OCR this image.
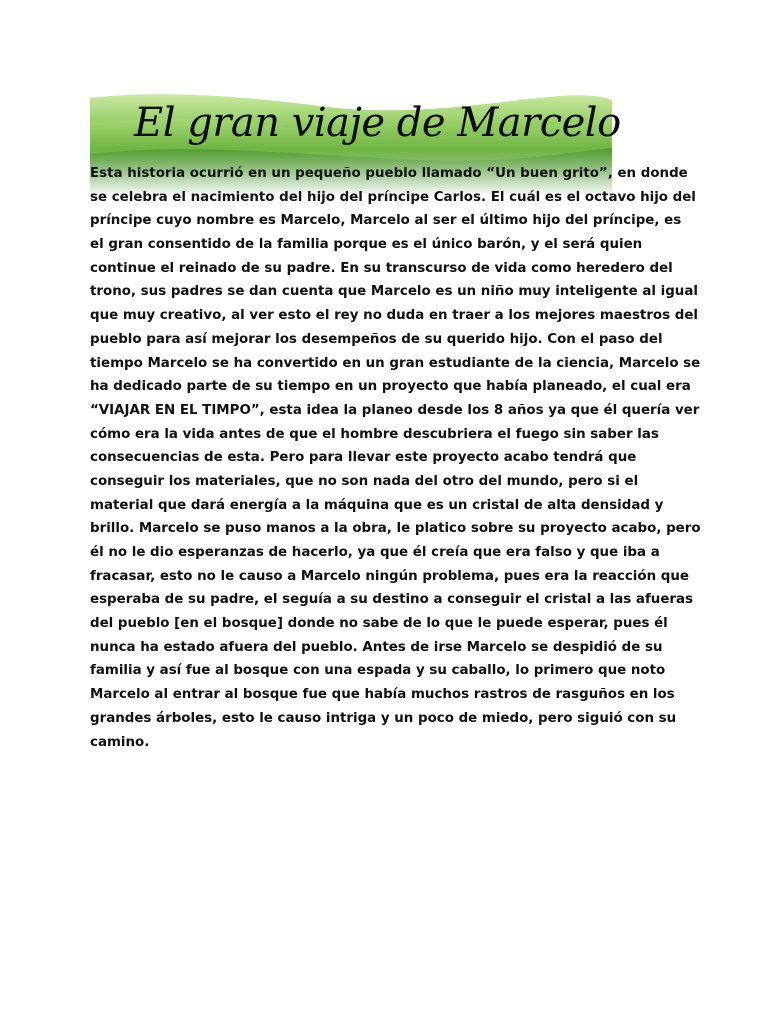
El gran viaje de Marcelo
Esta historia ocurrió en un pequeño pueblo llamado “Un buen grito”, en donde
se celebra el nacimiento del hijo del príncipe Carlos. El cuál es el octavo hijo del
príncipe cuyo nombre es Marcelo, Marcelo al ser el último hijo del príncipe, es
el gran consentido de la familia porque es el único barón, y el será quien
continue el reinado de su padre. En su transcurso de vida como heredero del
trono, sus padres se dan cuenta que Marcelo es un niño muy inteligente al igual
que muy creativo, al ver esto el rey no duda en traer a los mejores maestros del
pueblo para así mejorar los desempeños de su querido hijo. Con el paso del
tiempo Marcelo se ha convertido en un gran estudiante de la ciencia, Marcelo se
ha dedicado parte de su tiempo en un proyecto que había planeado, el cual era
“VIAJAR EN EL TIMPO”, esta idea la planeo desde los 8 años ya que él quería ver
cómo era la vida antes de que el hombre descubriera el fuego sin saber las
consecuencias de esta. Pero para llevar este proyecto acabo tendrá que
conseguir los materiales, que no son nada del otro del mundo, pero si el
material que dará energía a la máquina que es un cristal de alta densidad y
brillo. Marcelo se puso manos a la obra, le platico sobre su proyecto acabo, pero
él no le dio esperanzas de hacerlo, ya que él creía que era falso y que iba a
fracasar, esto no le causo a Marcelo ningún problema, pues era la reacción que
esperaba de su padre, el seguía a su destino a conseguir el cristal a las afueras
del pueblo [en el bosque] donde no sabe de lo que le puede esperar, pues él
nunca ha estado afuera del pueblo. Antes de irse Marcelo se despidió de su
familia y así fue al bosque con una espada y su caballo, lo primero que noto
Marcelo al entrar al bosque fue que había muchos rastros de rasguños en los
grandes árboles, esto le causo intriga y un poco de miedo, pero siguió con su
camino.
